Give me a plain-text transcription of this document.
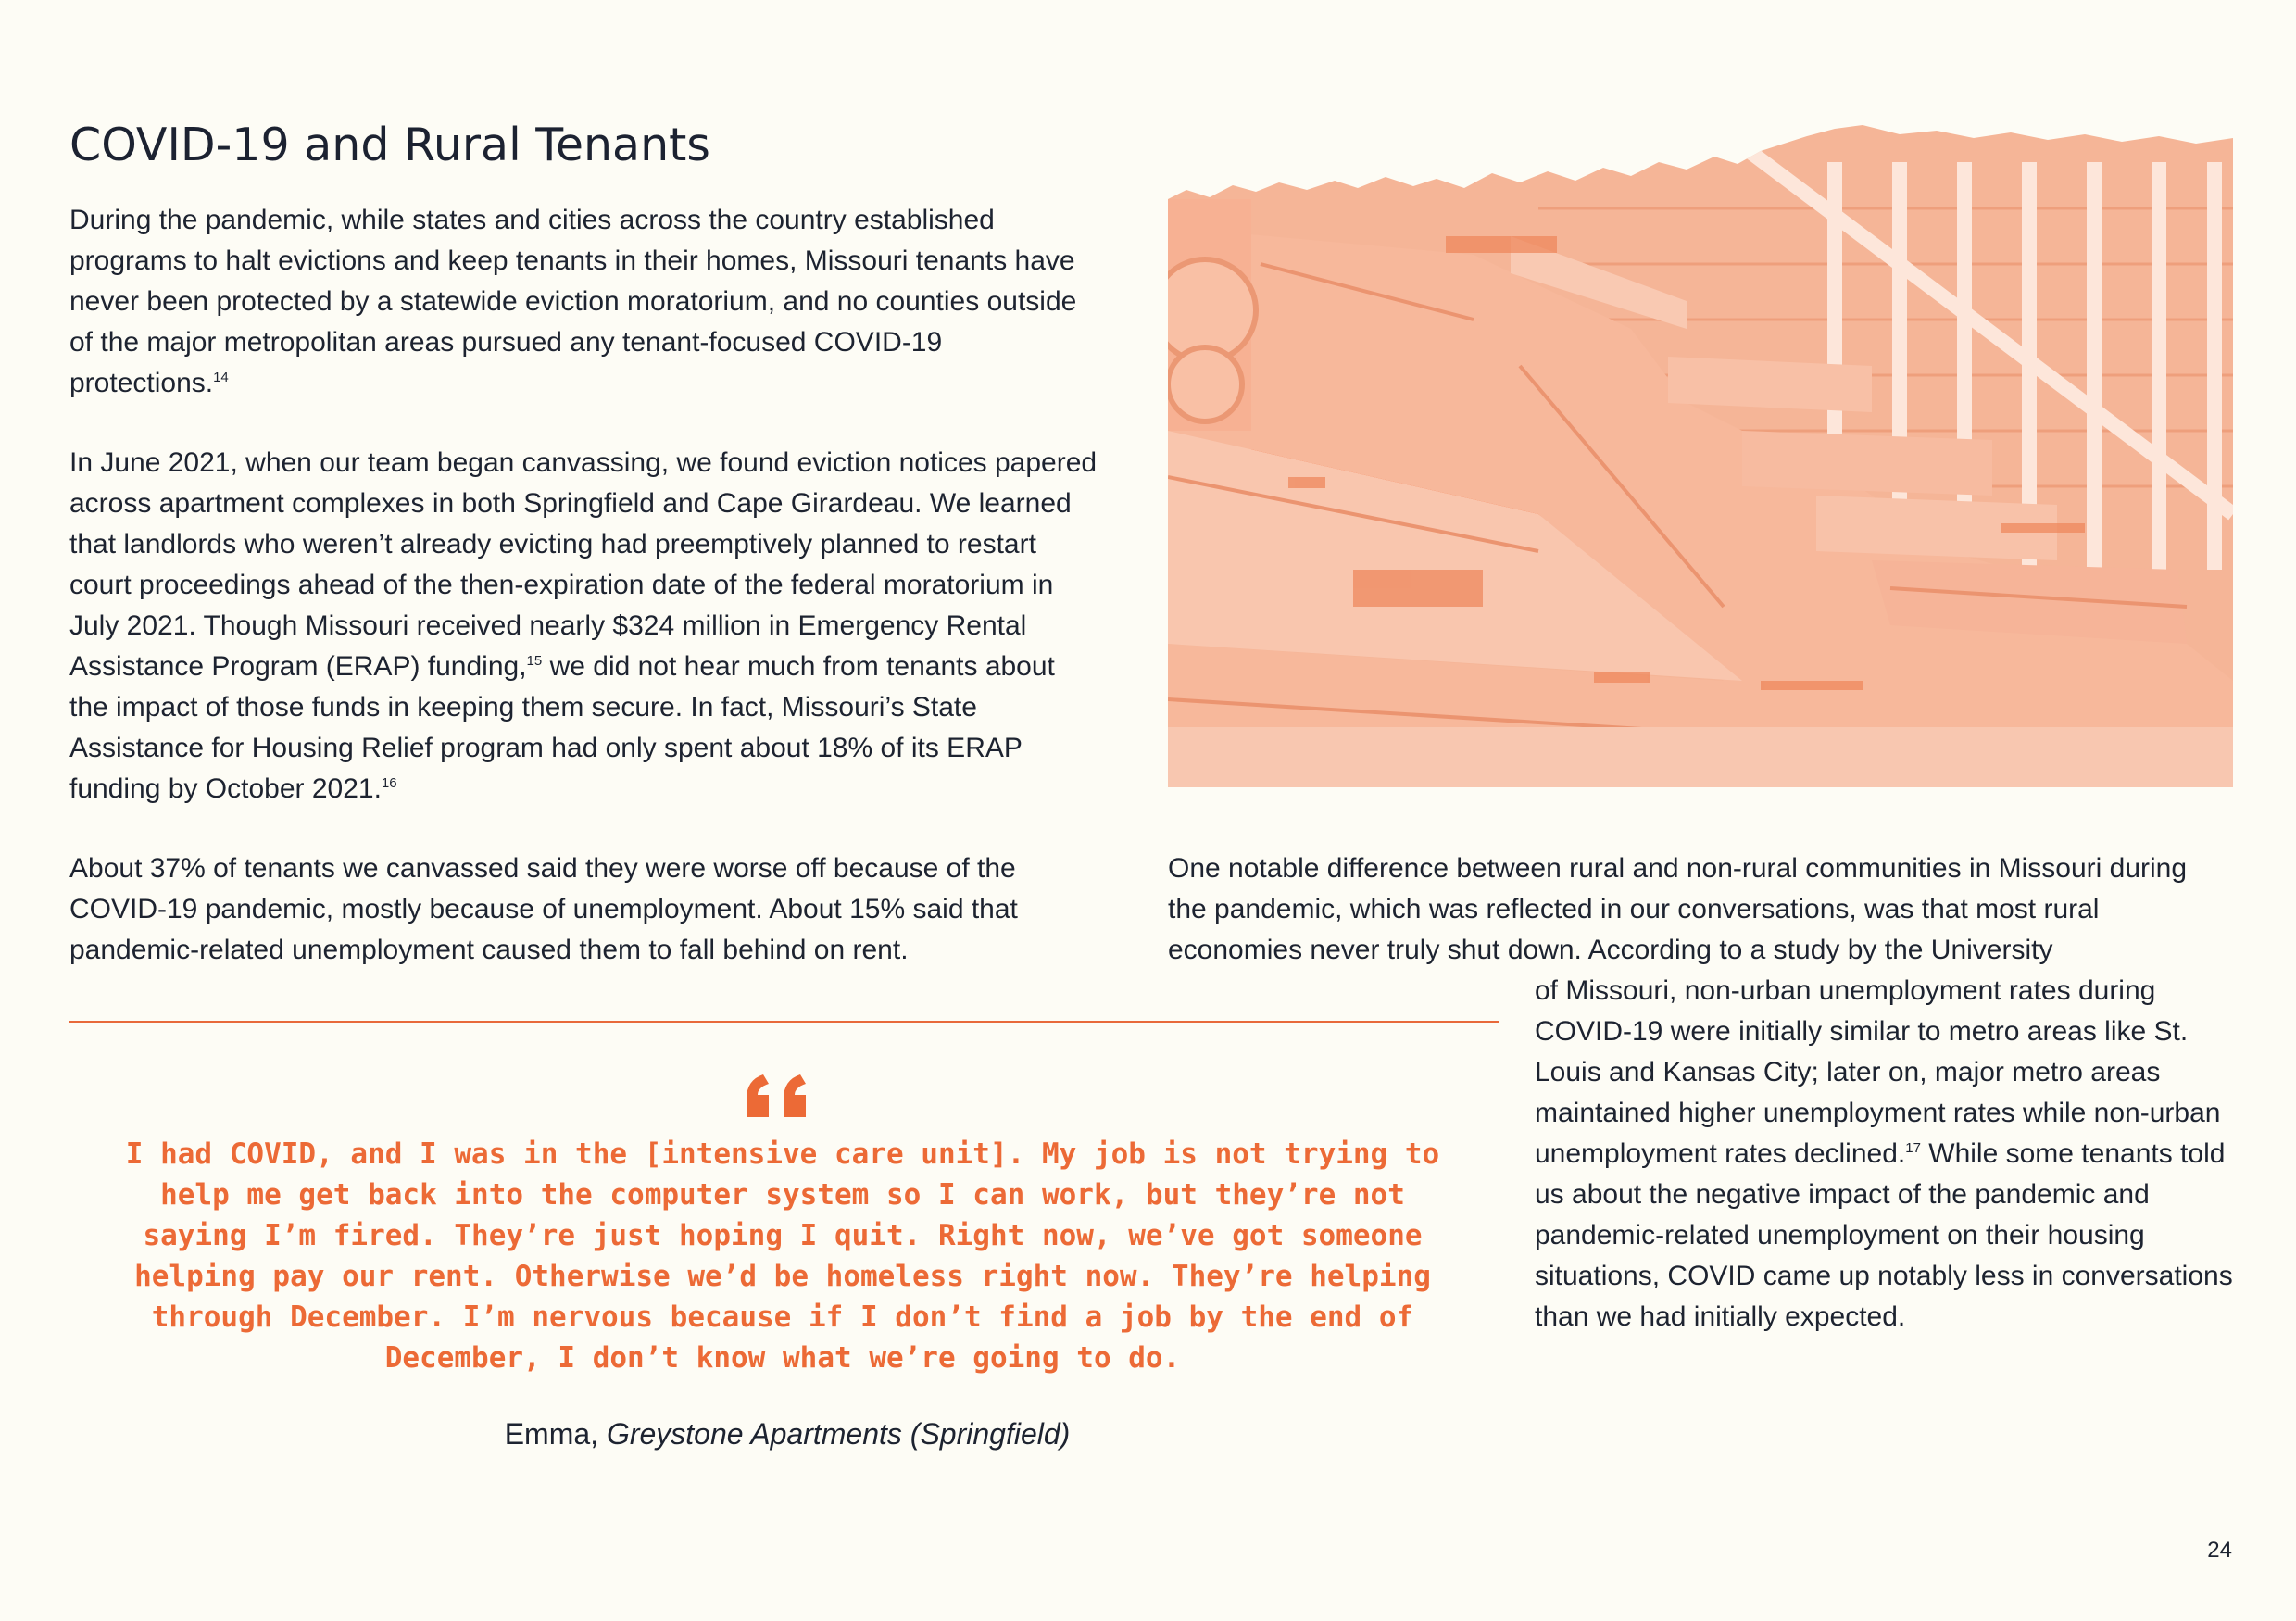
COVID-19 and Rural Tenants

During the pandemic, while states and cities across the country established programs to halt evictions and keep tenants in their homes, Missouri tenants have never been protected by a statewide eviction moratorium, and no counties outside of the major metropolitan areas pursued any tenant-focused COVID-19 protections.$^{14}$

In June 2021, when our team began canvassing, we found eviction notices papered across apartment complexes in both Springfield and Cape Girardeau. We learned that landlords who weren’t already evicting had preemptively planned to restart court proceedings ahead of the then-expiration date of the federal moratorium in July 2021. Though Missouri received nearly $324 million in Emergency Rental Assistance Program (ERAP) funding,$^{15}$ we did not hear much from tenants about the impact of those funds in keeping them secure. In fact, Missouri’s State Assistance for Housing Relief program had only spent about 18% of its ERAP funding by October 2021.16

About 37% of tenants we canvassed said they were worse off because of the COVID-19 pandemic, mostly because of unemployment. About 15% said that pandemic-related unemployment caused them to fall behind on rent.

One notable difference between rural and non-rural communities in Missouri during the pandemic, which was reflected in our conversations, was that most rural economies never truly shut down. According to a study by the University

of Missouri, non-urban unemployment rates during COVID-19 were initially similar to metro areas like St. Louis and Kansas City; later on, major metro areas maintained higher unemployment rates while non-urban unemployment rates declined.$^{17}$ While some tenants told us about the negative impact of the pandemic and pandemic-related unemployment on their housing situations, COVID came up notably less in conversations than we had initially expected.

I had COVID, and I was in the [intensive care unit]. My job is not trying to help me get back into the computer system so I can work, but they’re not saying I’m fired. They’re just hoping I quit. Right now, we’ve got someone helping pay our rent. Otherwise we’d be homeless right now. They’re helping through December. I’m nervous because if I don’t find a job by the end of December, I don’t know what we’re going to do.

Emma, Greystone Apartments (Springfield)
24
